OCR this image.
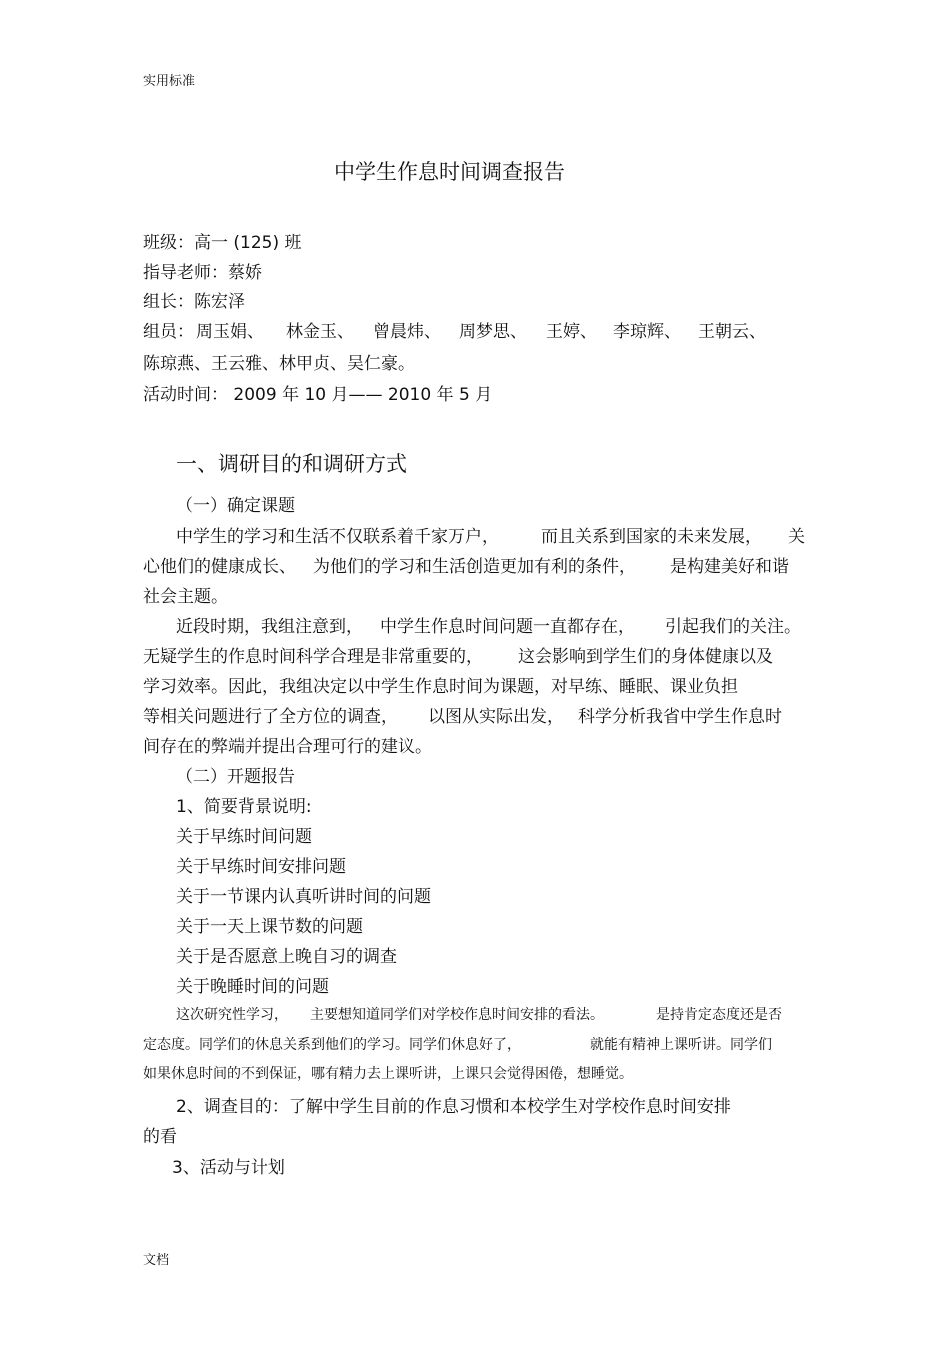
实用标准
文档
中学生作息时间调查报告
班级：高一 (125) 班
指导老师：蔡娇
组长：陈宏泽
组员： 周玉娟、 林金玉、 曾晨炜、 周梦思、 王婷、 李琼辉、 王朝云、
陈琼燕、王云雅、林甲贞、吴仁豪。
活动时间： 2009 年 10 月—— 2010 年 5 月
一、调研目的和调研方式
（一）确定课题
中学生的学习和生活不仅联系着千家万户， 而且关系到国家的未来发展， 关
心他们的健康成长、 为他们的学习和生活创造更加有利的条件， 是构建美好和谐
社会主题。
近段时期，我组注意到， 中学生作息时间问题一直都存在， 引起我们的关注。
无疑学生的作息时间科学合理是非常重要的， 这会影响到学生们的身体健康以及
学习效率。因此，我组决定以中学生作息时间为课题，对早练、睡眠、课业负担
等相关问题进行了全方位的调查， 以图从实际出发， 科学分析我省中学生作息时
间存在的弊端并提出合理可行的建议。
（二）开题报告
1、简要背景说明:
关于早练时间问题
关于早练时间安排问题
关于一节课内认真听讲时间的问题
关于一天上课节数的问题
关于是否愿意上晚自习的调查
关于晚睡时间的问题
这次研究性学习， 主要想知道同学们对学校作息时间安排的看法。	是持肯定态度还是否
定态度。同学们的休息关系到他们的学习。同学们休息好了，	就能有精神上课听讲。同学们
如果休息时间的不到保证，哪有精力去上课听讲，上课只会觉得困倦，想睡觉。
2、调查目的：了解中学生目前的作息习惯和本校学生对学校作息时间安排
的看
3、活动与计划
